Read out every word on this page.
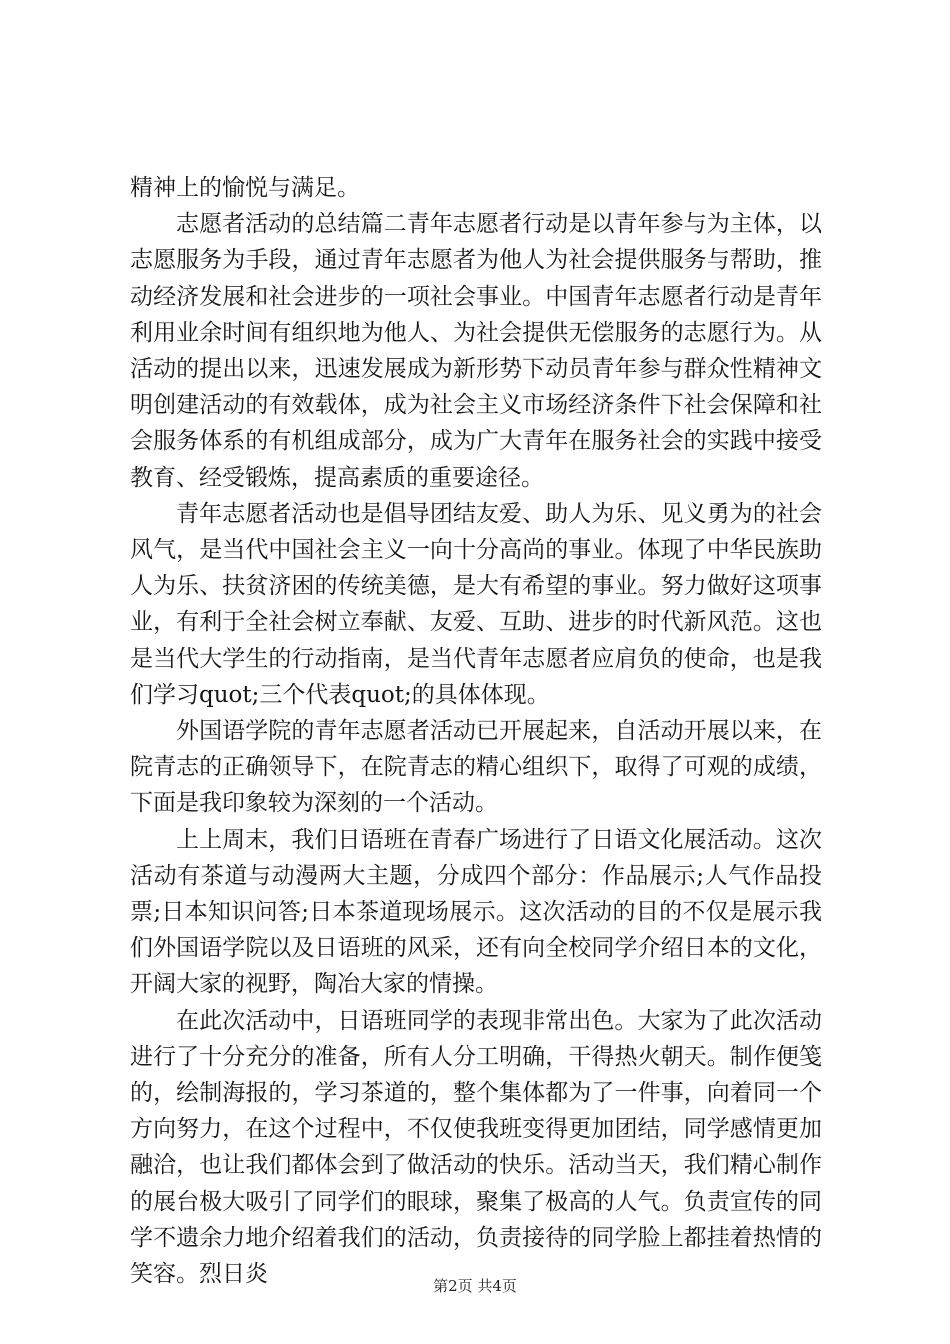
精神上的愉悦与满足。

志愿者活动的总结篇二青年志愿者行动是以青年参与为主体，以志愿服务为手段，通过青年志愿者为他人为社会提供服务与帮助，推动经济发展和社会进步的一项社会事业。中国青年志愿者行动是青年利用业余时间有组织地为他人、为社会提供无偿服务的志愿行为。从活动的提出以来，迅速发展成为新形势下动员青年参与群众性精神文明创建活动的有效载体，成为社会主义市场经济条件下社会保障和社会服务体系的有机组成部分，成为广大青年在服务社会的实践中接受教育、经受锻炼，提高素质的重要途径。

青年志愿者活动也是倡导团结友爱、助人为乐、见义勇为的社会风气，是当代中国社会主义一向十分高尚的事业。体现了中华民族助人为乐、扶贫济困的传统美德，是大有希望的事业。努力做好这项事业，有利于全社会树立奉献、友爱、互助、进步的时代新风范。这也是当代大学生的行动指南，是当代青年志愿者应肩负的使命，也是我们学习quot;三个代表quot;的具体体现。

外国语学院的青年志愿者活动已开展起来，自活动开展以来，在院青志的正确领导下，在院青志的精心组织下，取得了可观的成绩，下面是我印象较为深刻的一个活动。

上上周末，我们日语班在青春广场进行了日语文化展活动。这次活动有茶道与动漫两大主题，分成四个部分：作品展示;人气作品投票;日本知识问答;日本茶道现场展示。这次活动的目的不仅是展示我们外国语学院以及日语班的风采，还有向全校同学介绍日本的文化，开阔大家的视野，陶冶大家的情操。

在此次活动中，日语班同学的表现非常出色。大家为了此次活动进行了十分充分的准备，所有人分工明确，干得热火朝天。制作便笺的，绘制海报的，学习茶道的，整个集体都为了一件事，向着同一个方向努力，在这个过程中，不仅使我班变得更加团结，同学感情更加融洽，也让我们都体会到了做活动的快乐。活动当天，我们精心制作的展台极大吸引了同学们的眼球，聚集了极高的人气。负责宣传的同学不遗余力地介绍着我们的活动，负责接待的同学脸上都挂着热情的笑容。烈日炎	第2页 共4页
